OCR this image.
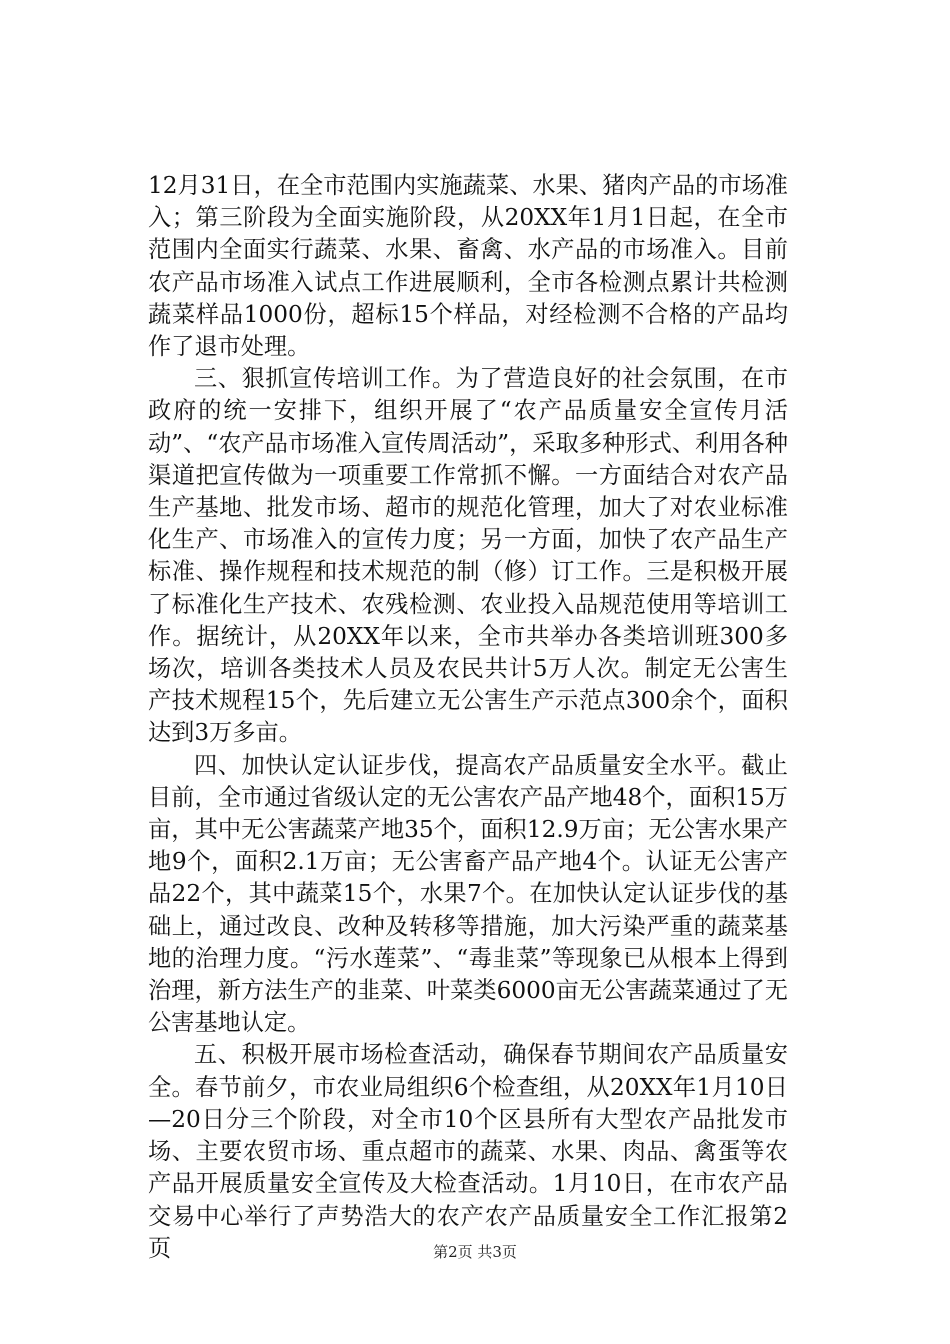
12月31日，在全市范围内实施蔬菜、水果、猪肉产品的市场准入；第三阶段为全面实施阶段，从20XX年1月1日起，在全市范围内全面实行蔬菜、水果、畜禽、水产品的市场准入。目前农产品市场准入试点工作进展顺利，全市各检测点累计共检测蔬菜样品1000份，超标15个样品，对经检测不合格的产品均作了退市处理。

三、狠抓宣传培训工作。为了营造良好的社会氛围，在市政府的统一安排下，组织开展了“农产品质量安全宣传月活动”、“农产品市场准入宣传周活动”，采取多种形式、利用各种渠道把宣传做为一项重要工作常抓不懈。一方面结合对农产品生产基地、批发市场、超市的规范化管理，加大了对农业标准化生产、市场准入的宣传力度；另一方面，加快了农产品生产标准、操作规程和技术规范的制（修）订工作。三是积极开展了标准化生产技术、农残检测、农业投入品规范使用等培训工作。据统计，从20XX年以来，全市共举办各类培训班300多场次，培训各类技术人员及农民共计5万人次。制定无公害生产技术规程15个，先后建立无公害生产示范点300余个，面积达到3万多亩。

四、加快认定认证步伐，提高农产品质量安全水平。截止目前，全市通过省级认定的无公害农产品产地48个，面积15万亩，其中无公害蔬菜产地35个，面积12.9万亩；无公害水果产地9个，面积2.1万亩；无公害畜产品产地4个。认证无公害产品22个，其中蔬菜15个，水果7个。在加快认定认证步伐的基础上，通过改良、改种及转移等措施，加大污染严重的蔬菜基地的治理力度。“污水莲菜”、“毒韭菜”等现象已从根本上得到治理，新方法生产的韭菜、叶菜类6000亩无公害蔬菜通过了无公害基地认定。

五、积极开展市场检查活动，确保春节期间农产品质量安全。春节前夕，市农业局组织6个检查组，从20XX年1月10日—20日分三个阶段，对全市10个区县所有大型农产品批发市场、主要农贸市场、重点超市的蔬菜、水果、肉品、禽蛋等农产品开展质量安全宣传及大检查活动。1月10日，在市农产品交易中心举行了声势浩大的农产农产品质量安全工作汇报第2页	第2页 共3页
